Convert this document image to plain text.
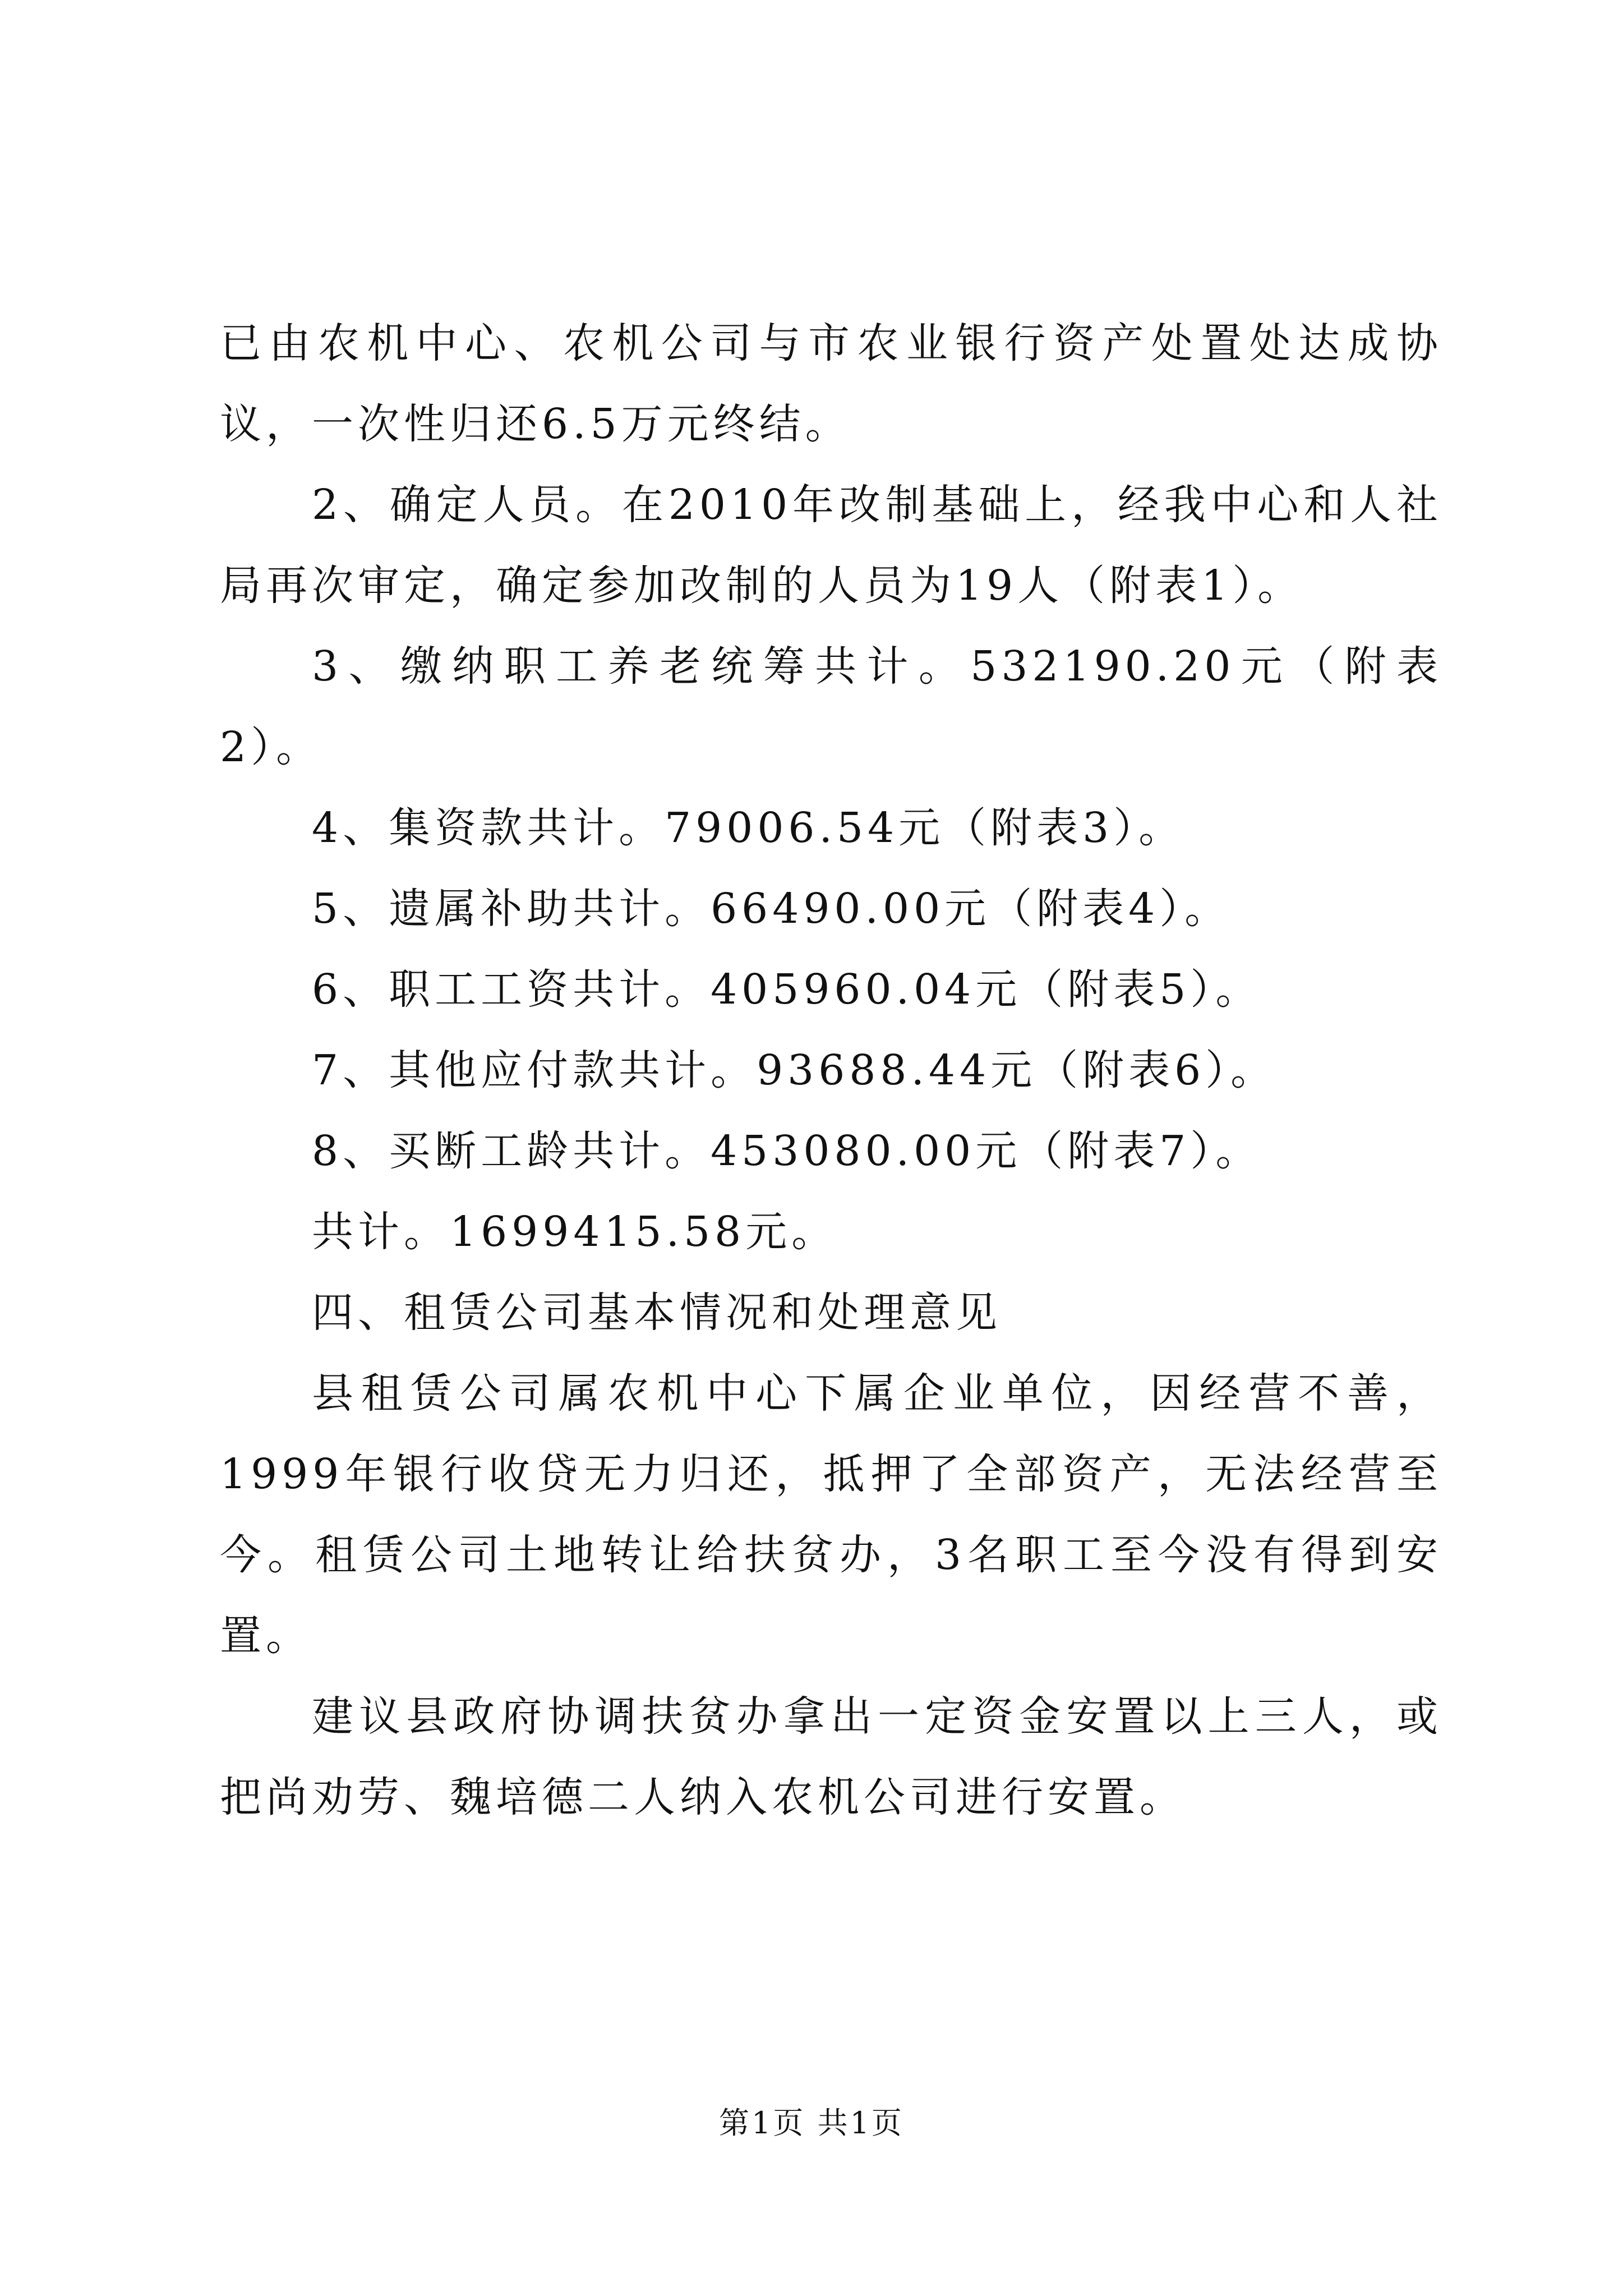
已由农机中心、农机公司与市农业银行资产处置处达成协议，一次性归还6.5万元终结。

2、确定人员。在2010年改制基础上，经我中心和人社局再次审定，确定参加改制的人员为19人（附表1）。

3、缴纳职工养老统筹共计。532190.20元（附表2）。

4、集资款共计。79006.54元（附表3）。

5、遗属补助共计。66490.00元（附表4）。

6、职工工资共计。405960.04元（附表5）。

7、其他应付款共计。93688.44元（附表6）。

8、买断工龄共计。453080.00元（附表7）。

共计。1699415.58元。

四、租赁公司基本情况和处理意见

县租赁公司属农机中心下属企业单位，因经营不善，1999年银行收贷无力归还，抵押了全部资产，无法经营至今。租赁公司土地转让给扶贫办，3名职工至今没有得到安置。

建议县政府协调扶贫办拿出一定资金安置以上三人，或把尚劝劳、魏培德二人纳入农机公司进行安置。

第1页 共1页
